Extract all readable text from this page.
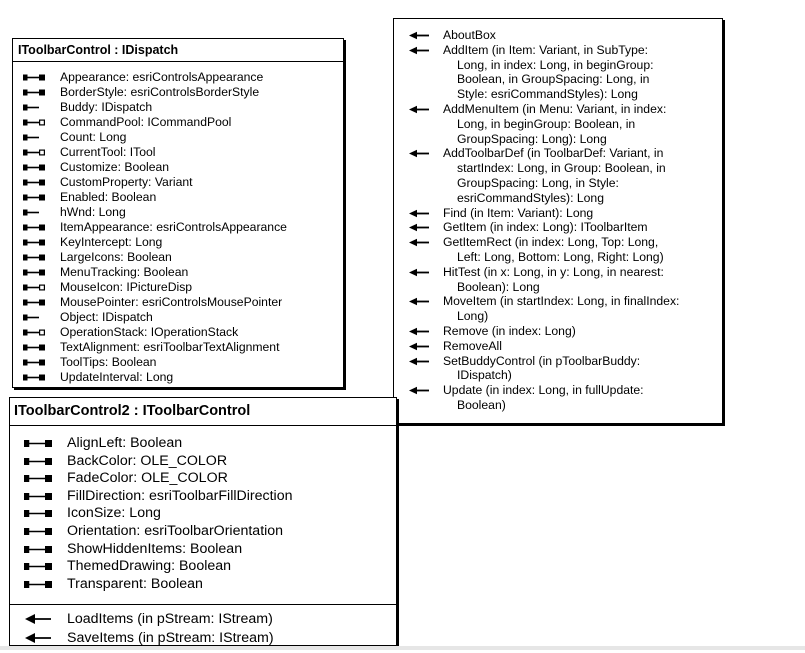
IToolbarControl : IDispatch
Appearance: esriControlsAppearance
BorderStyle: esriControlsBorderStyle
Buddy: IDispatch
CommandPool: ICommandPool
Count: Long
CurrentTool: ITool
Customize: Boolean
CustomProperty: Variant
Enabled: Boolean
hWnd: Long
ItemAppearance: esriControlsAppearance
KeyIntercept: Long
LargeIcons: Boolean
MenuTracking: Boolean
MouseIcon: IPictureDisp
MousePointer: esriControlsMousePointer
Object: IDispatch
OperationStack: IOperationStack
TextAlignment: esriToolbarTextAlignment
ToolTips: Boolean
UpdateInterval: Long
AboutBox
AddItem (in Item: Variant, in SubType:
Long, in index: Long, in beginGroup:
Boolean, in GroupSpacing: Long, in
Style: esriCommandStyles): Long
AddMenuItem (in Menu: Variant, in index:
Long, in beginGroup: Boolean, in
GroupSpacing: Long): Long
AddToolbarDef (in ToolbarDef: Variant, in
startIndex: Long, in Group: Boolean, in
GroupSpacing: Long, in Style:
esriCommandStyles): Long
Find (in Item: Variant): Long
GetItem (in index: Long): IToolbarItem
GetItemRect (in index: Long, Top: Long,
Left: Long, Bottom: Long, Right: Long)
HitTest (in x: Long, in y: Long, in nearest:
Boolean): Long
MoveItem (in startIndex: Long, in finalIndex:
Long)
Remove (in index: Long)
RemoveAll
SetBuddyControl (in pToolbarBuddy:
IDispatch)
Update (in index: Long, in fullUpdate:
Boolean)
IToolbarControl2 : IToolbarControl
AlignLeft: Boolean
BackColor: OLE_COLOR
FadeColor: OLE_COLOR
FillDirection: esriToolbarFillDirection
IconSize: Long
Orientation: esriToolbarOrientation
ShowHiddenItems: Boolean
ThemedDrawing: Boolean
Transparent: Boolean
LoadItems (in pStream: IStream)
SaveItems (in pStream: IStream)
